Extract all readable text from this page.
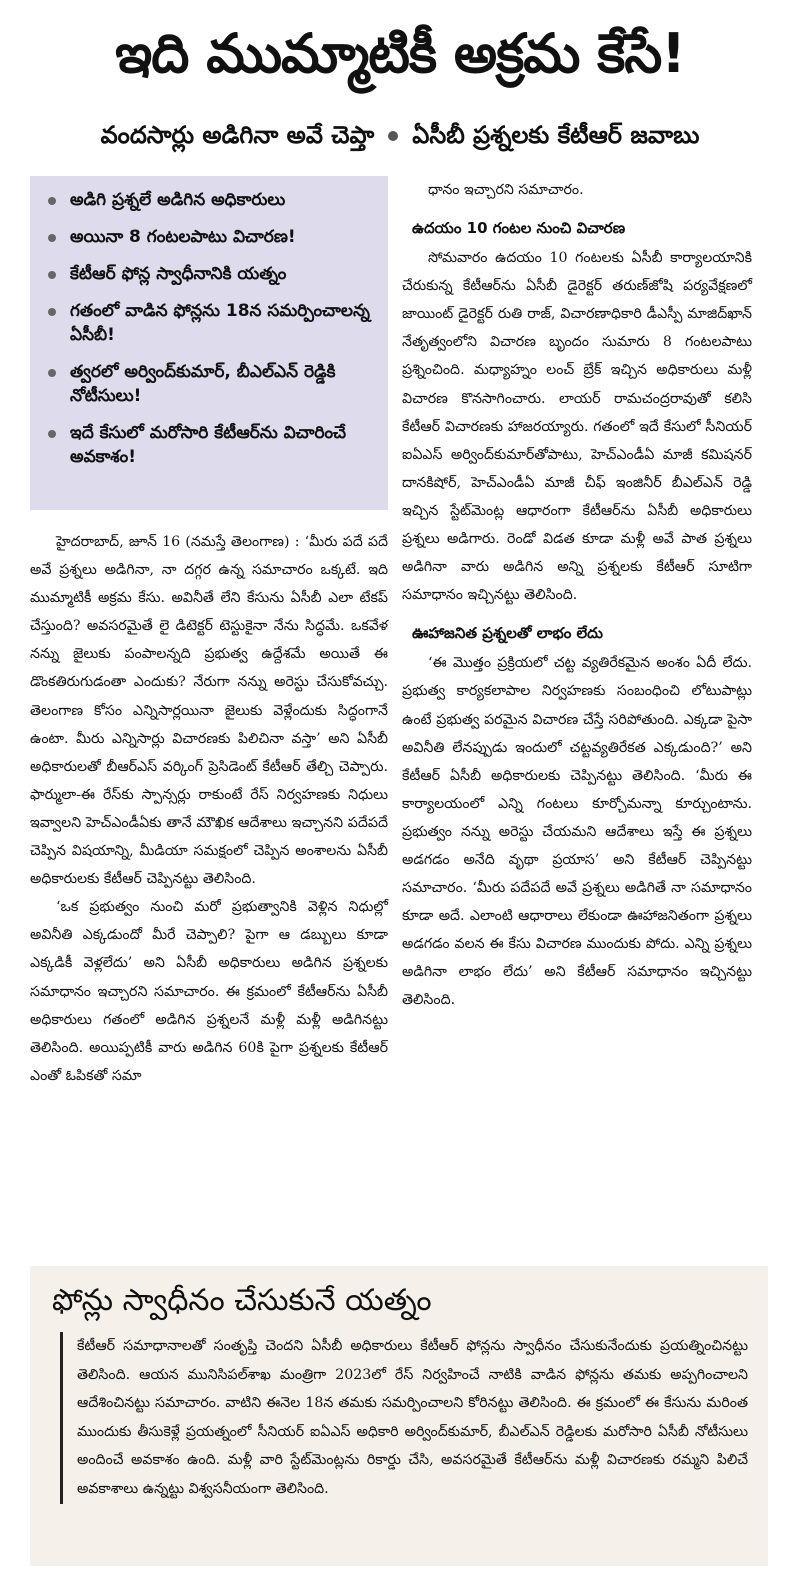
ఇది ముమ్మాటికీ అక్రమ కేసే!
వందసార్లు అడిగినా అవే చెప్తా ఏసీబీ ప్రశ్నలకు కేటీఆర్‌ జవాబు
అడిగి ప్రశ్నలే అడిగిన అధికారులు
అయినా 8 గంటలపాటు విచారణ!
కేటీఆర్‌ ఫోన్ల స్వాధీనానికి యత్నం
గతంలో వాడిన ఫోన్లను 18న సమర్పించాలన్న ఏసీబీ!
త్వరలో అర్వింద్‌కుమార్‌, బీఎల్‌ఎన్‌ రెడ్డికి నోటీసులు!
ఇదే కేసులో మరోసారి కేటీఆర్‌ను విచారించే అవకాశం!

హైదరాబాద్‌, జూన్‌ 16 (నమస్తే తెలంగాణ) : ‘మీరు పదే పదే అవే ప్రశ్నలు అడిగినా, నా దగ్గర ఉన్న సమాచారం ఒక్కటే. ఇది ముమ్మాటికీ అక్రమ కేసు. అవినీతే లేని కేసును ఏసీబీ ఎలా టేకప్‌ చేస్తుంది? అవసరమైతే లై డిటెక్టర్‌ టెస్టుకైనా నేను సిద్ధమే. ఒకవేళ నన్ను జైలుకు పంపాలన్నది ప్రభుత్వ ఉద్దేశమే అయితే ఈ డొంకతిరుగుడంతా ఎందుకు? నేరుగా నన్ను అరెస్టు చేసుకోవచ్చు. తెలంగాణ కోసం ఎన్నిసార్లయినా జైలుకు వెళ్లేందుకు సిద్ధంగానే ఉంటా. మీరు ఎన్నిసార్లు విచారణకు పిలిచినా వస్తా’ అని ఏసీబీ అధికారులతో బీఆర్‌ఎస్‌ వర్కింగ్‌ ప్రెసిడెంట్‌ కేటీఆర్‌ తేల్చి చెప్పారు. ఫార్ములా-ఈ రేస్‌కు స్పాన్సర్లు రాకుంటే రేస్‌ నిర్వహణకు నిధులు ఇవ్వాలని హెచ్‌ఎండీఏకు తానే మౌఖిక ఆదేశాలు ఇచ్చానని పదేపదే చెప్పిన విషయాన్ని, మీడియా సమక్షంలో చెప్పిన అంశాలను ఏసీబీ అధికారులకు కేటీఆర్‌ చెప్పినట్టు తెలిసింది.

‘ఒక ప్రభుత్వం నుంచి మరో ప్రభుత్వానికి వెళ్లిన నిధుల్లో అవినీతి ఎక్కడుందో మీరే చెప్పాలి? పైగా ఆ డబ్బులు కూడా ఎక్కడికీ వెళ్లలేదు’ అని ఏసీబీ అధికారులు అడిగిన ప్రశ్నలకు సమాధానం ఇచ్చారని సమాచారం. ఈ క్రమంలో కేటీఆర్‌ను ఏసీబీ అధికారులు గతంలో అడిగిన ప్రశ్నలనే మళ్లీ మళ్లీ అడిగినట్టు తెలిసింది. అయిప్పటికీ వారు అడిగిన 60కి పైగా ప్రశ్నలకు కేటీఆర్‌ ఎంతో ఓపికతో సమా

ధానం ఇచ్చారని సమాచారం.

ఉదయం 10 గంటల నుంచి విచారణ

సోమవారం ఉదయం 10 గంటలకు ఏసీబీ కార్యాలయానికి చేరుకున్న కేటీఆర్‌ను ఏసీబీ డైరెక్టర్‌ తరుణ్‌జోషి పర్యవేక్షణలో జాయింట్‌ డైరెక్టర్‌ రుతి రాజ్‌, విచారణాధికారి డీఎస్పీ మాజిద్‌ఖాన్‌ నేతృత్వంలోని విచారణ బృందం సుమారు 8 గంటలపాటు ప్రశ్నించింది. మధ్యాహ్నం లంచ్‌ బ్రేక్‌ ఇచ్చిన అధికారులు మళ్లీ విచారణ కొనసాగించారు. లాయర్‌ రామచంద్రరావుతో కలిసి కేటీఆర్‌ విచారణకు హాజరయ్యారు. గతంలో ఇదే కేసులో సీనియర్‌ ఐఏఎస్‌ అర్వింద్‌కుమార్‌తోపాటు, హెచ్‌ఎండీఏ మాజీ కమిషనర్‌ దానకిషోర్‌, హెచ్‌ఎండీఏ మాజీ చీఫ్‌ ఇంజినీర్‌ బీఎల్‌ఎన్‌ రెడ్డి ఇచ్చిన స్టేట్‌మెంట్ల ఆధారంగా కేటీఆర్‌ను ఏసీబీ అధికారులు ప్రశ్నలు అడిగారు. రెండో విడత కూడా మళ్లీ అవే పాత ప్రశ్నలు అడిగినా వారు అడిగిన అన్ని ప్రశ్నలకు కేటీఆర్‌ సూటిగా సమాధానం ఇచ్చినట్టు తెలిసింది.

ఊహాజనిత ప్రశ్నలతో లాభం లేదు

‘ఈ మొత్తం ప్రక్రియలో చట్ట వ్యతిరేకమైన అంశం ఏదీ లేదు. ప్రభుత్వ కార్యకలాపాల నిర్వహణకు సంబంధించి లోటుపాట్లు ఉంటే ప్రభుత్వ పరమైన విచారణ చేస్తే సరిపోతుంది. ఎక్కడా పైసా అవినీతి లేనప్పుడు ఇందులో చట్టవ్యతిరేకత ఎక్కడుంది?’ అని కేటీఆర్‌ ఏసీబీ అధికారులకు చెప్పినట్టు తెలిసింది. ‘మీరు ఈ కార్యాలయంలో ఎన్ని గంటలు కూర్చోమన్నా కూర్చుంటాను. ప్రభుత్వం నన్ను అరెస్టు చేయమని ఆదేశాలు ఇస్తే ఈ ప్రశ్నలు అడగడం అనేది వృథా ప్రయాస’ అని కేటీఆర్‌ చెప్పినట్టు సమాచారం. ‘మీరు పదేపదే అవే ప్రశ్నలు అడిగితే నా సమాధానం కూడా అదే. ఎలాంటి ఆధారాలు లేకుండా ఊహాజనితంగా ప్రశ్నలు అడగడం వలన ఈ కేసు విచారణ ముందుకు పోదు. ఎన్ని ప్రశ్నలు అడిగినా లాభం లేదు’ అని కేటీఆర్‌ సమాధానం ఇచ్చినట్టు తెలిసింది.

ఫోన్లు స్వాధీనం చేసుకునే యత్నం
కేటీఆర్‌ సమాధానాలతో సంతృప్తి చెందని ఏసీబీ అధికారులు కేటీఆర్‌ ఫోన్లను స్వాధీనం చేసుకునేందుకు ప్రయత్నించినట్టు తెలిసింది. ఆయన మునిసిపల్‌శాఖ మంత్రిగా 2023లో రేస్‌ నిర్వహించే నాటికి వాడిన ఫోన్లను తమకు అప్పగించాలని ఆదేశించినట్టు సమాచారం. వాటిని ఈనెల 18న తమకు సమర్పించాలని కోరినట్టు తెలిసింది. ఈ క్రమంలో ఈ కేసును మరింత ముందుకు తీసుకెళ్లే ప్రయత్నంలో సీనియర్‌ ఐఏఎస్‌ అధికారి అర్వింద్‌కుమార్‌, బీఎల్‌ఎన్‌ రెడ్డిలకు మరోసారి ఏసీబీ నోటీసులు అందించే అవకాశం ఉంది. మళ్లీ వారి స్టేట్‌మెంట్లను రికార్డు చేసి, అవసరమైతే కేటీఆర్‌ను మళ్లీ విచారణకు రమ్మని పిలిచే అవకాశాలు ఉన్నట్టు విశ్వసనీయంగా తెలిసింది.
